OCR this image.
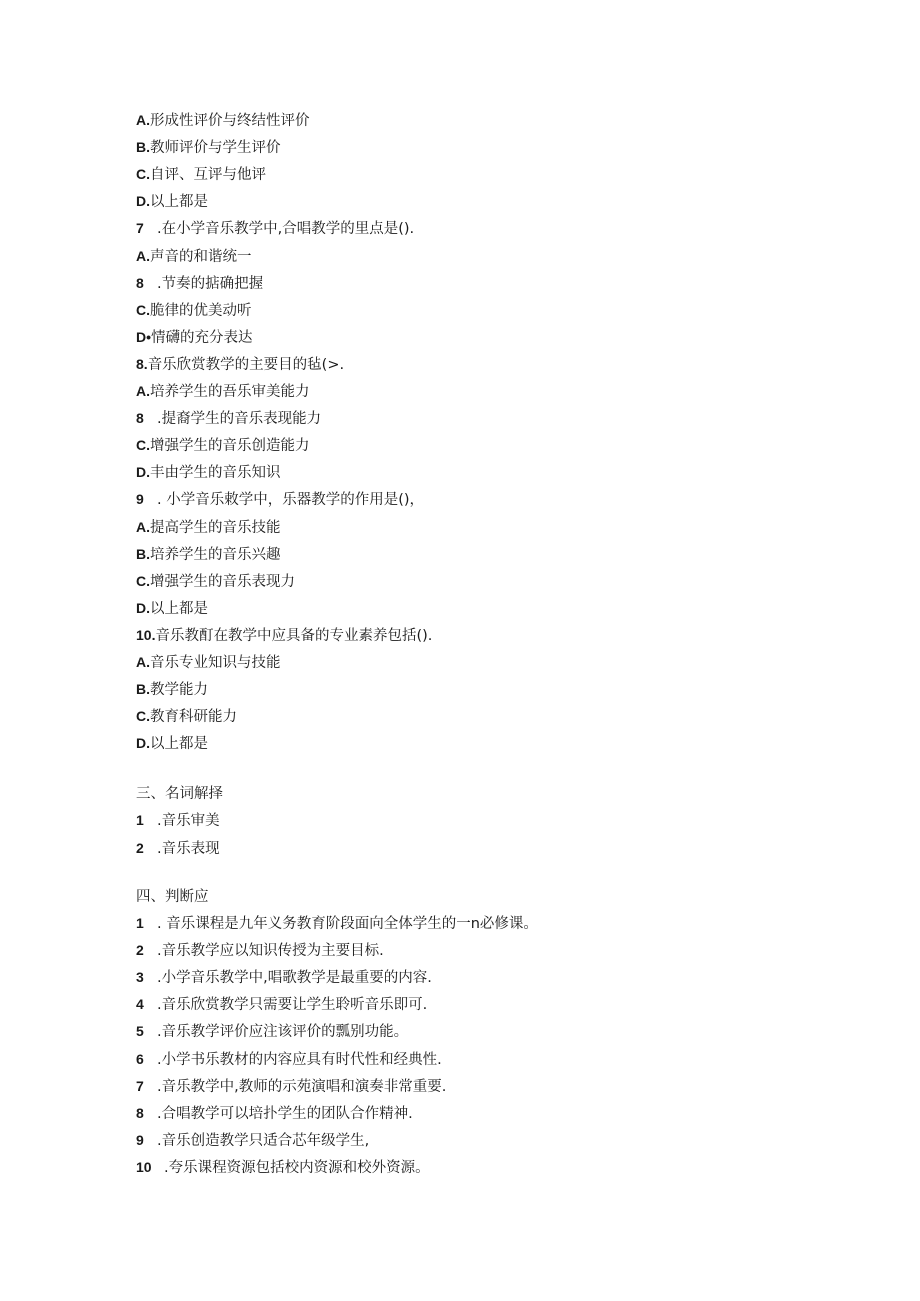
A.形成性评价与终结性评价
B.教师评价与学生评价
C.自评、互评与他评
D.以上都是
7 .在小学音乐教学中,合唱教学的里点是().
A.声音的和谐统一
8 .节奏的掂确把握
C.脆律的优美动听
D•情礴的充分表达
8.音乐欣赏教学的主要目的毡(>.
A.培养学生的吾乐审美能力
8 .提裔学生的音乐表现能力
C.增强学生的音乐创造能力
D.丰由学生的音乐知识
9 . 小学音乐敕学中，乐器教学的作用是()，
A.提高学生的音乐技能
B.培养学生的音乐兴趣
C.增强学生的音乐表现力
D.以上都是
10.音乐教酊在教学中应具备的专业素养包括().
A.音乐专业知识与技能
B.教学能力
C.教育科研能力
D.以上都是
三、名词解择
1 .音乐审美
2 .音乐表现
四、判断应
1 . 音乐课程是九年义务教育阶段面向全体学生的一n必修课。
2 .音乐教学应以知识传授为主要目标.
3 .小学音乐教学中,唱歌教学是最重要的内容.
4 .音乐欣赏教学只需要让学生聆听音乐即可.
5 .音乐教学评价应注该评价的瓢别功能。
6 .小学书乐教材的内容应具有时代性和经典性.
7 .音乐教学中,教师的示苑演唱和演奏非常重要.
8 .合唱教学可以培扑学生的团队合作精神.
9 .音乐创造教学只适合芯年级学生,
10 .夸乐课程资源包括校内资源和校外资源。
